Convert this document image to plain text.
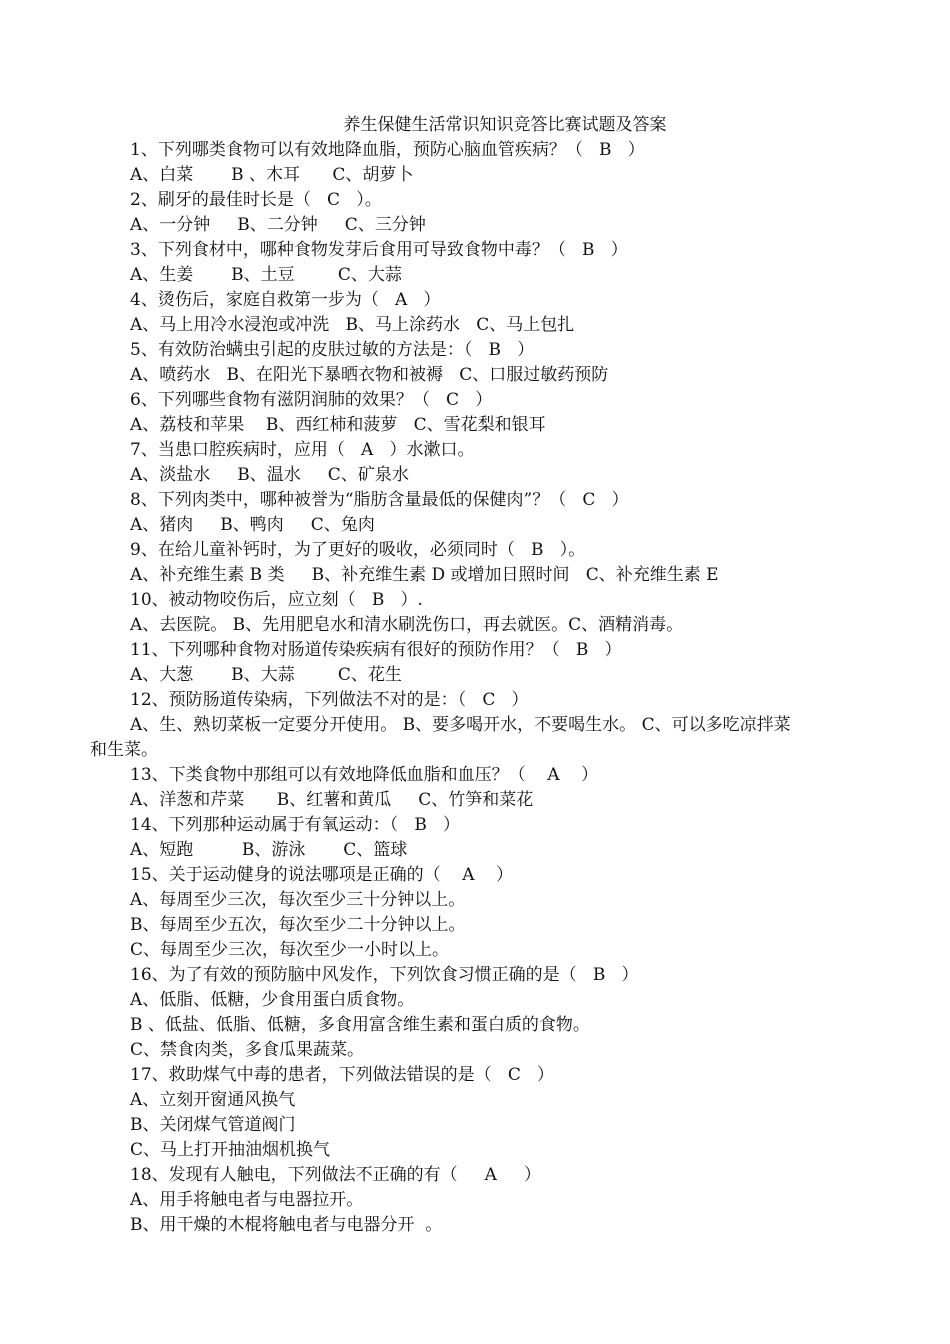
养生保健生活常识知识竞答比赛试题及答案
1、下列哪类食物可以有效地降血脂，预防心脑血管疾病？（   B   ）
A、白菜       B 、木耳      C、胡萝卜
2、刷牙的最佳时长是（   C   ）。
A、一分钟     B、二分钟     C、三分钟
3、下列食材中，哪种食物发芽后食用可导致食物中毒？（   B   ）
A、生姜       B、土豆        C、大蒜
4、烫伤后，家庭自救第一步为（   A   ）
A、马上用冷水浸泡或冲洗   B、马上涂药水   C、马上包扎
5、有效防治螨虫引起的皮肤过敏的方法是：（   B   ）
A、喷药水   B、在阳光下暴晒衣物和被褥   C、口服过敏药预防
6、下列哪些食物有滋阴润肺的效果？（   C   ）
A、荔枝和苹果    B、西红柿和菠萝   C、雪花梨和银耳
7、当患口腔疾病时，应用（   A   ）水漱口。
A、淡盐水     B、温水     C、矿泉水
8、下列肉类中，哪种被誉为“脂肪含量最低的保健肉”？（   C   ）
A、猪肉     B、鸭肉     C、兔肉
9、在给儿童补钙时，为了更好的吸收，必须同时（   B   ）。
A、补充维生素 B 类     B、补充维生素 D 或增加日照时间   C、补充维生素 E
10、被动物咬伤后，应立刻（   B   ）.
A、去医院。 B、先用肥皂水和清水刷洗伤口，再去就医。C、酒精消毒。
11、下列哪种食物对肠道传染疾病有很好的预防作用？（   B   ）
A、大葱       B、大蒜        C、花生
12、预防肠道传染病，下列做法不对的是：（   C   ）
A、生、熟切菜板一定要分开使用。 B、要多喝开水，不要喝生水。 C、可以多吃凉拌菜
和生菜。
13、下类食物中那组可以有效地降低血脂和血压？（    A    ）
A、洋葱和芹菜      B、红薯和黄瓜     C、竹笋和菜花
14、下列那种运动属于有氧运动：（   B   ）
A、短跑         B、游泳       C、篮球
15、关于运动健身的说法哪项是正确的（    A    ）
A、每周至少三次，每次至少三十分钟以上。
B、每周至少五次，每次至少二十分钟以上。
C、每周至少三次，每次至少一小时以上。
16、为了有效的预防脑中风发作，下列饮食习惯正确的是（   B   ）
A、低脂、低糖，少食用蛋白质食物。
B 、低盐、低脂、低糖，多食用富含维生素和蛋白质的食物。
C、禁食肉类，多食瓜果蔬菜。
17、救助煤气中毒的患者，下列做法错误的是（   C   ）
A、立刻开窗通风换气
B、关闭煤气管道阀门
C、马上打开抽油烟机换气
18、发现有人触电，下列做法不正确的有（     A     ）
A、用手将触电者与电器拉开。
B、用干燥的木棍将触电者与电器分开  。
